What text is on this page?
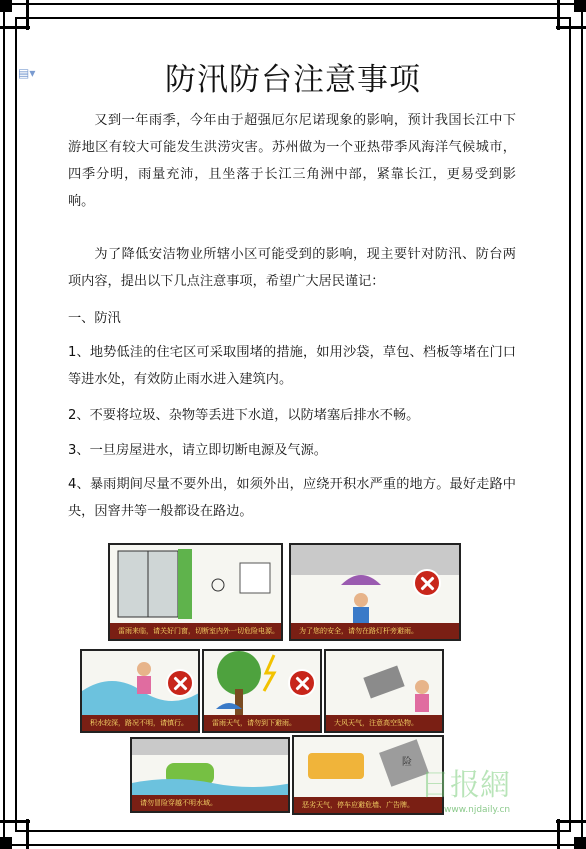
▤▾	防汛防台注意事项
又到一年雨季，今年由于超强厄尔尼诺现象的影响，预计我国长江中下游地区有较大可能发生洪涝灾害。苏州做为一个亚热带季风海洋气候城市，四季分明，雨量充沛，且坐落于长江三角洲中部，紧靠长江，更易受到影响。
为了降低安洁物业所辖小区可能受到的影响，现主要针对防汛、防台两项内容，提出以下几点注意事项，希望广大居民谨记：
一、防汛
1、地势低洼的住宅区可采取围堵的措施，如用沙袋，草包、档板等堵在门口等进水处，有效防止雨水进入建筑内。
2、不要将垃圾、杂物等丢进下水道，以防堵塞后排水不畅。
3、一旦房屋进水，请立即切断电源及气源。
4、暴雨期间尽量不要外出，如须外出，应绕开积水严重的地方。最好走路中央，因窨井等一般都设在路边。
雷雨来临，请关好门窗，切断室内外一切危险电源。	为了您的安全，请勿在路灯杆旁避雨。
积水较深，路况不明，请慎行。	雷雨天气，请勿到下避雨。	大风天气，注意高空坠物。
请勿冒险穿越不明水域。
险
恶劣天气，停车应避危墙、广告牌。
日报網
www.njdaily.cn
